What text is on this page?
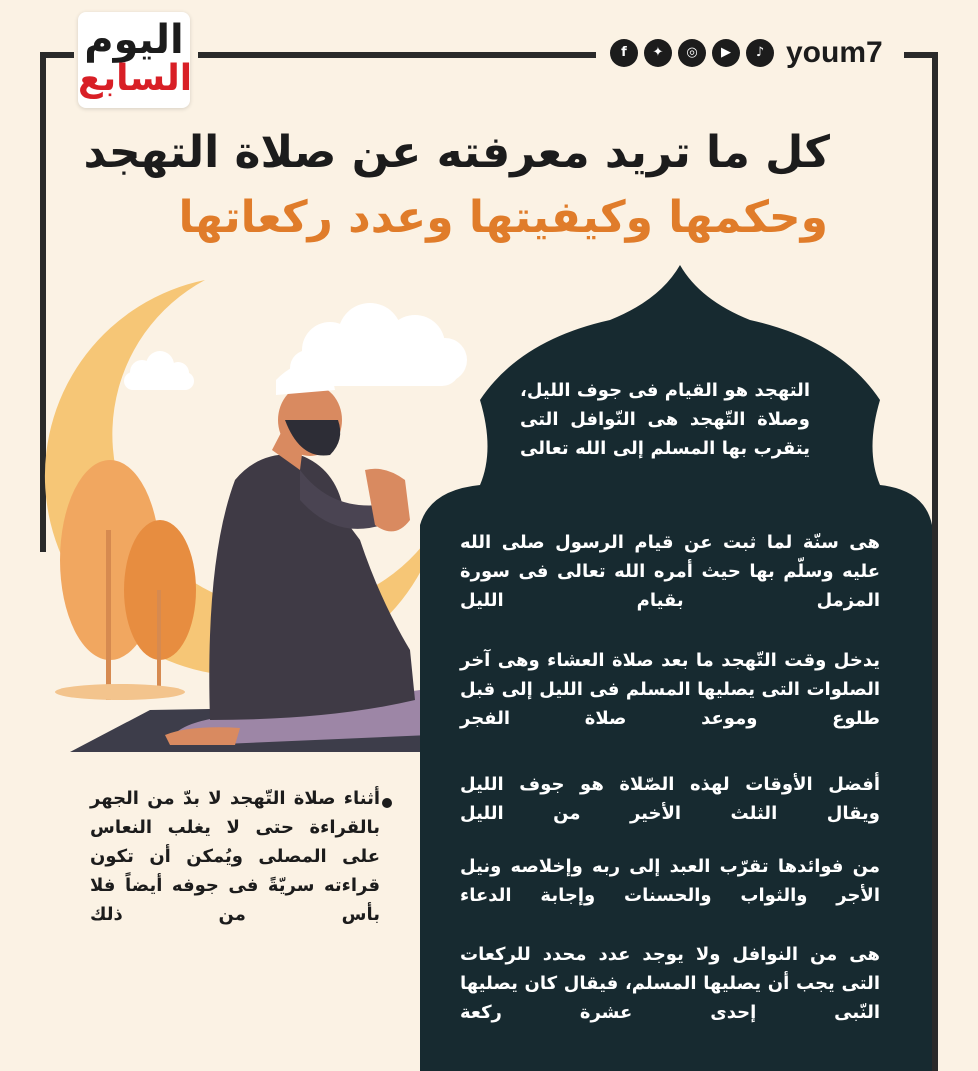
اليوم
السابع
f	✦	◎	▶	♪ youm7
كل ما تريد معرفته عن صلاة التهجد
وحكمها وكيفيتها وعدد ركعاتها
التهجد هو القيام فى جوف الليل، وصلاة التّهجد هى النّوافل التى يتقرب بها المسلم إلى الله تعالى
هى سنّة لما ثبت عن قيام الرسول صلى الله عليه وسلّم بها حيث أمره الله تعالى فى سورة المزمل بقيام الليل
يدخل وقت التّهجد ما بعد صلاة العشاء وهى آخر الصلوات التى يصليها المسلم فى الليل إلى قبل طلوع وموعد صلاة الفجر
أفضل الأوقات لهذه الصّلاة هو جوف الليل ويقال الثلث الأخير من الليل
من فوائدها تقرّب العبد إلى ربه وإخلاصه ونيل الأجر والثواب والحسنات وإجابة الدعاء
هى من النوافل ولا يوجد عدد محدد للركعات التى يجب أن يصليها المسلم، فيقال كان يصليها النّبى إحدى عشرة ركعة
أثناء صلاة التّهجد لا بدّ من الجهر بالقراءة حتى لا يغلب النعاس على المصلى ويُمكن أن تكون قراءته سريّةً فى جوفه أيضاً فلا بأس من ذلك
